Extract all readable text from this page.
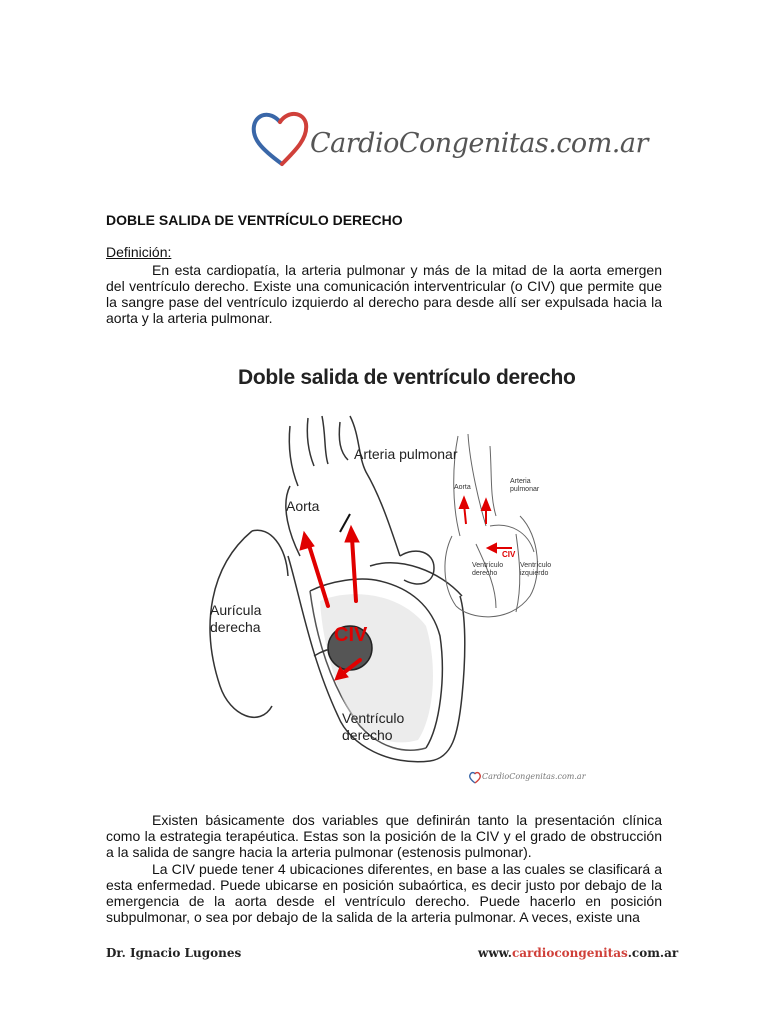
CardioCongenitas.com.ar
DOBLE SALIDA DE VENTRÍCULO DERECHO
Definición:

En esta cardiopatía, la arteria pulmonar y más de la mitad de la aorta emergen del ventrículo derecho. Existe una comunicación interventricular (o CIV) que permite que la sangre pase del ventrículo izquierdo al derecho para desde allí ser expulsada hacia la aorta y la arteria pulmonar.

Doble salida de ventrículo derecho
Arteria pulmonar
Aorta
Aurícula derecha	CIV
Ventrículo derecho
Aorta
Arteria pulmonar
CIV
Ventrículo derecho
Ventrículo izquierdo
CardioCongenitas.com.ar

Existen básicamente dos variables que definirán tanto la presentación clínica como la estrategia terapéutica. Estas son la posición de la CIV y el grado de obstrucción a la salida de sangre hacia la arteria pulmonar (estenosis pulmonar).

La CIV puede tener 4 ubicaciones diferentes, en base a las cuales se clasificará a esta enfermedad. Puede ubicarse en posición subaórtica, es decir justo por debajo de la emergencia de la aorta desde el ventrículo derecho. Puede hacerlo en posición subpulmonar, o sea por debajo de la salida de la arteria pulmonar. A veces, existe una

Dr. Ignacio Lugones	www.cardiocongenitas.com.ar
